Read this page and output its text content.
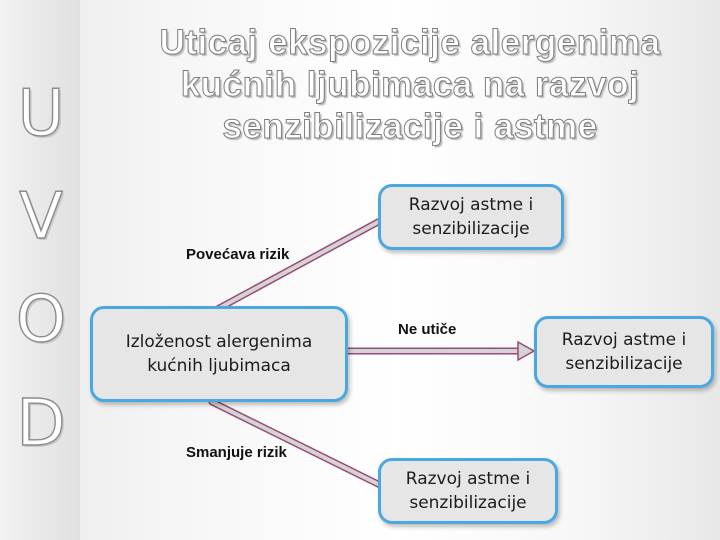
U
V
O
D
Uticaj ekspozicije alergenima
kućnih ljubimaca na razvoj
senzibilizacije i astme
Izloženost alergenima
kućnih ljubimaca
Razvoj astme i
senzibilizacije
Razvoj astme i
senzibilizacije
Razvoj astme i
senzibilizacije
Povećava rizik
Ne utiče
Smanjuje rizik
